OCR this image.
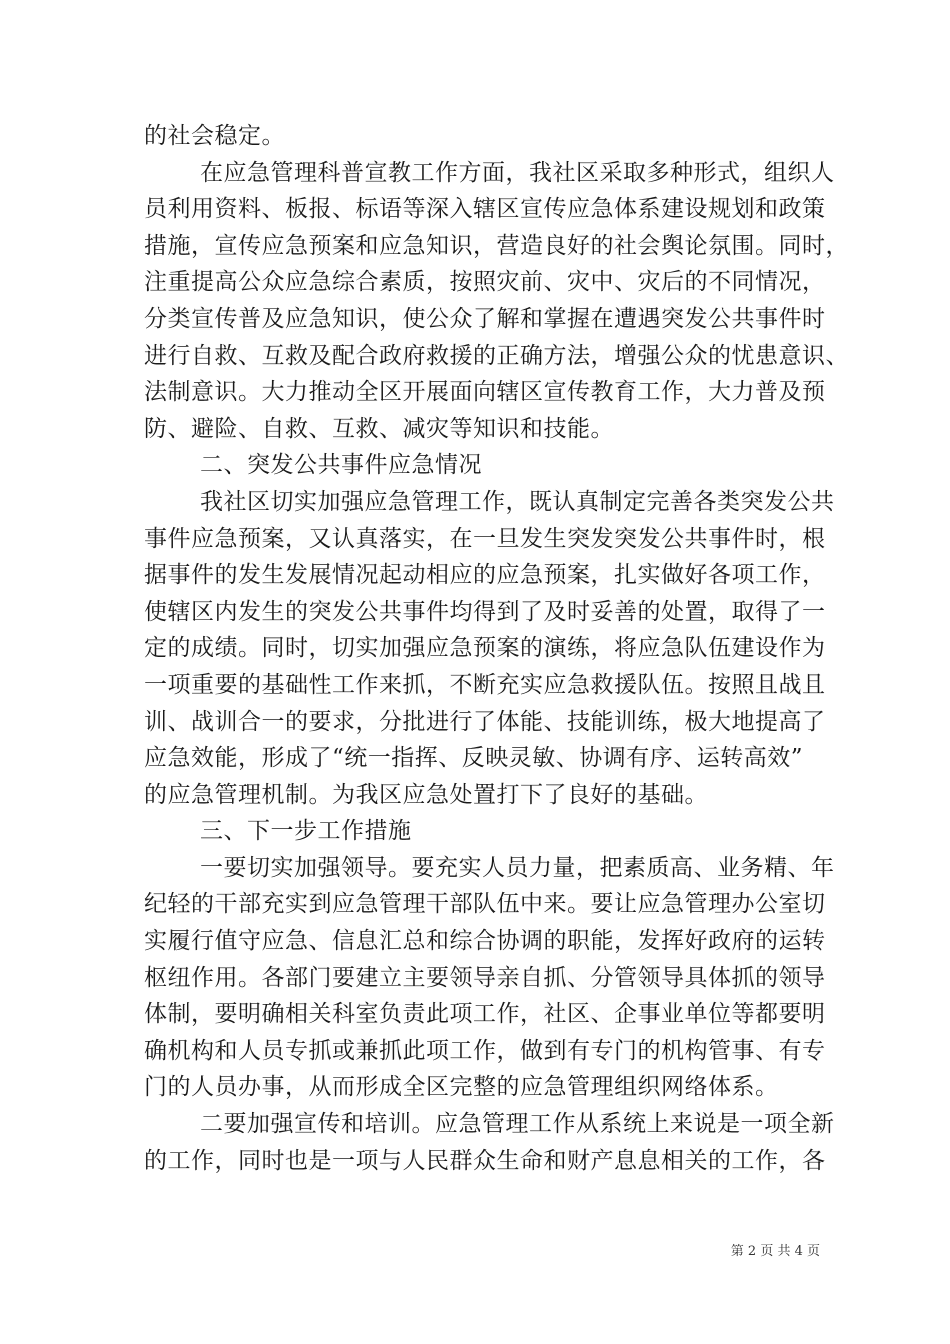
的社会稳定。
在应急管理科普宣教工作方面，我社区采取多种形式，组织人
员利用资料、板报、标语等深入辖区宣传应急体系建设规划和政策
措施，宣传应急预案和应急知识，营造良好的社会舆论氛围。同时，
注重提高公众应急综合素质，按照灾前、灾中、灾后的不同情况，
分类宣传普及应急知识，使公众了解和掌握在遭遇突发公共事件时
进行自救、互救及配合政府救援的正确方法，增强公众的忧患意识、
法制意识。大力推动全区开展面向辖区宣传教育工作，大力普及预
防、避险、自救、互救、减灾等知识和技能。
二、突发公共事件应急情况
我社区切实加强应急管理工作，既认真制定完善各类突发公共
事件应急预案，又认真落实，在一旦发生突发突发公共事件时，根
据事件的发生发展情况起动相应的应急预案，扎实做好各项工作，
使辖区内发生的突发公共事件均得到了及时妥善的处置，取得了一
定的成绩。同时，切实加强应急预案的演练，将应急队伍建设作为
一项重要的基础性工作来抓，不断充实应急救援队伍。按照且战且
训、战训合一的要求，分批进行了体能、技能训练，极大地提高了
应急效能，形成了“统一指挥、反映灵敏、协调有序、运转高效”
的应急管理机制。为我区应急处置打下了良好的基础。
三、下一步工作措施
一要切实加强领导。要充实人员力量，把素质高、业务精、年
纪轻的干部充实到应急管理干部队伍中来。要让应急管理办公室切
实履行值守应急、信息汇总和综合协调的职能，发挥好政府的运转
枢纽作用。各部门要建立主要领导亲自抓、分管领导具体抓的领导
体制，要明确相关科室负责此项工作，社区、企事业单位等都要明
确机构和人员专抓或兼抓此项工作，做到有专门的机构管事、有专
门的人员办事，从而形成全区完整的应急管理组织网络体系。
二要加强宣传和培训。应急管理工作从系统上来说是一项全新
的工作，同时也是一项与人民群众生命和财产息息相关的工作，各
第 2 页 共 4 页
